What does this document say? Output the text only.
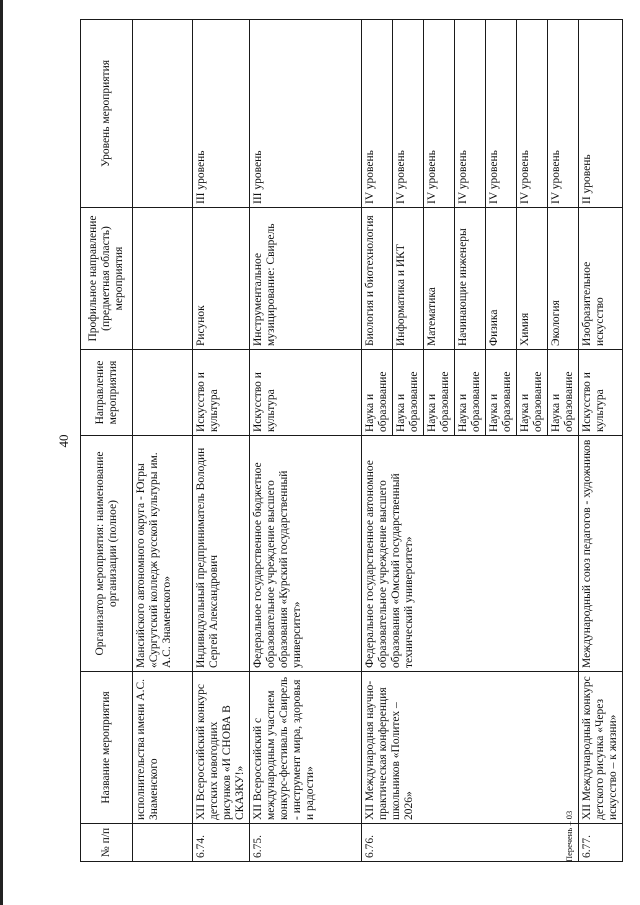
40
№ п/п	Название мероприятия	Организатор мероприятия: наименование организации (полное)	Направление мероприятия	Профильное направление (предметная область) мероприятия	Уровень мероприятия
	исполнительства имени А.С. Знаменского	Мансийского автономного округа - Югры «Сургутский колледж русской культуры им. А.С. Знаменского»			
6.74.	XII Всероссийский конкурс детских новогодних рисунков «И СНОВА В СКАЗКУ!»	Индивидуальный предприниматель Володин Сергей Александрович	Искусство и культура	Рисунок	III уровень
6.75.	XII Всероссийский с международным участием конкурс-фестиваль «Свирель - инструмент мира, здоровья и радости»	Федеральное государственное бюджетное образовательное учреждение высшего образования «Курский государственный университет»	Искусство и культура	Инструментальное музицирование: Свирель	III уровень
6.76.	XII Международная научно-практическая конференция школьников «Политех – 2026»	Федеральное государственное автономное образовательное учреждение высшего образования «Омский государственный технический университет»	Наука и образование	Биология и биотехнология	IV уровень
			Наука и образование	Информатика и ИКТ	IV уровень
			Наука и образование	Математика	IV уровень
			Наука и образование	Начинающие инженеры	IV уровень
			Наука и образование	Физика	IV уровень
			Наука и образование	Химия	IV уровень
			Наука и образование	Экология	IV уровень
6.77.	XII Международный конкурс детского рисунка «Через искусство – к жизни»	Международный союз педагогов - художников	Искусство и культура	Изобразительное искусство	II уровень
Перечень – 03
